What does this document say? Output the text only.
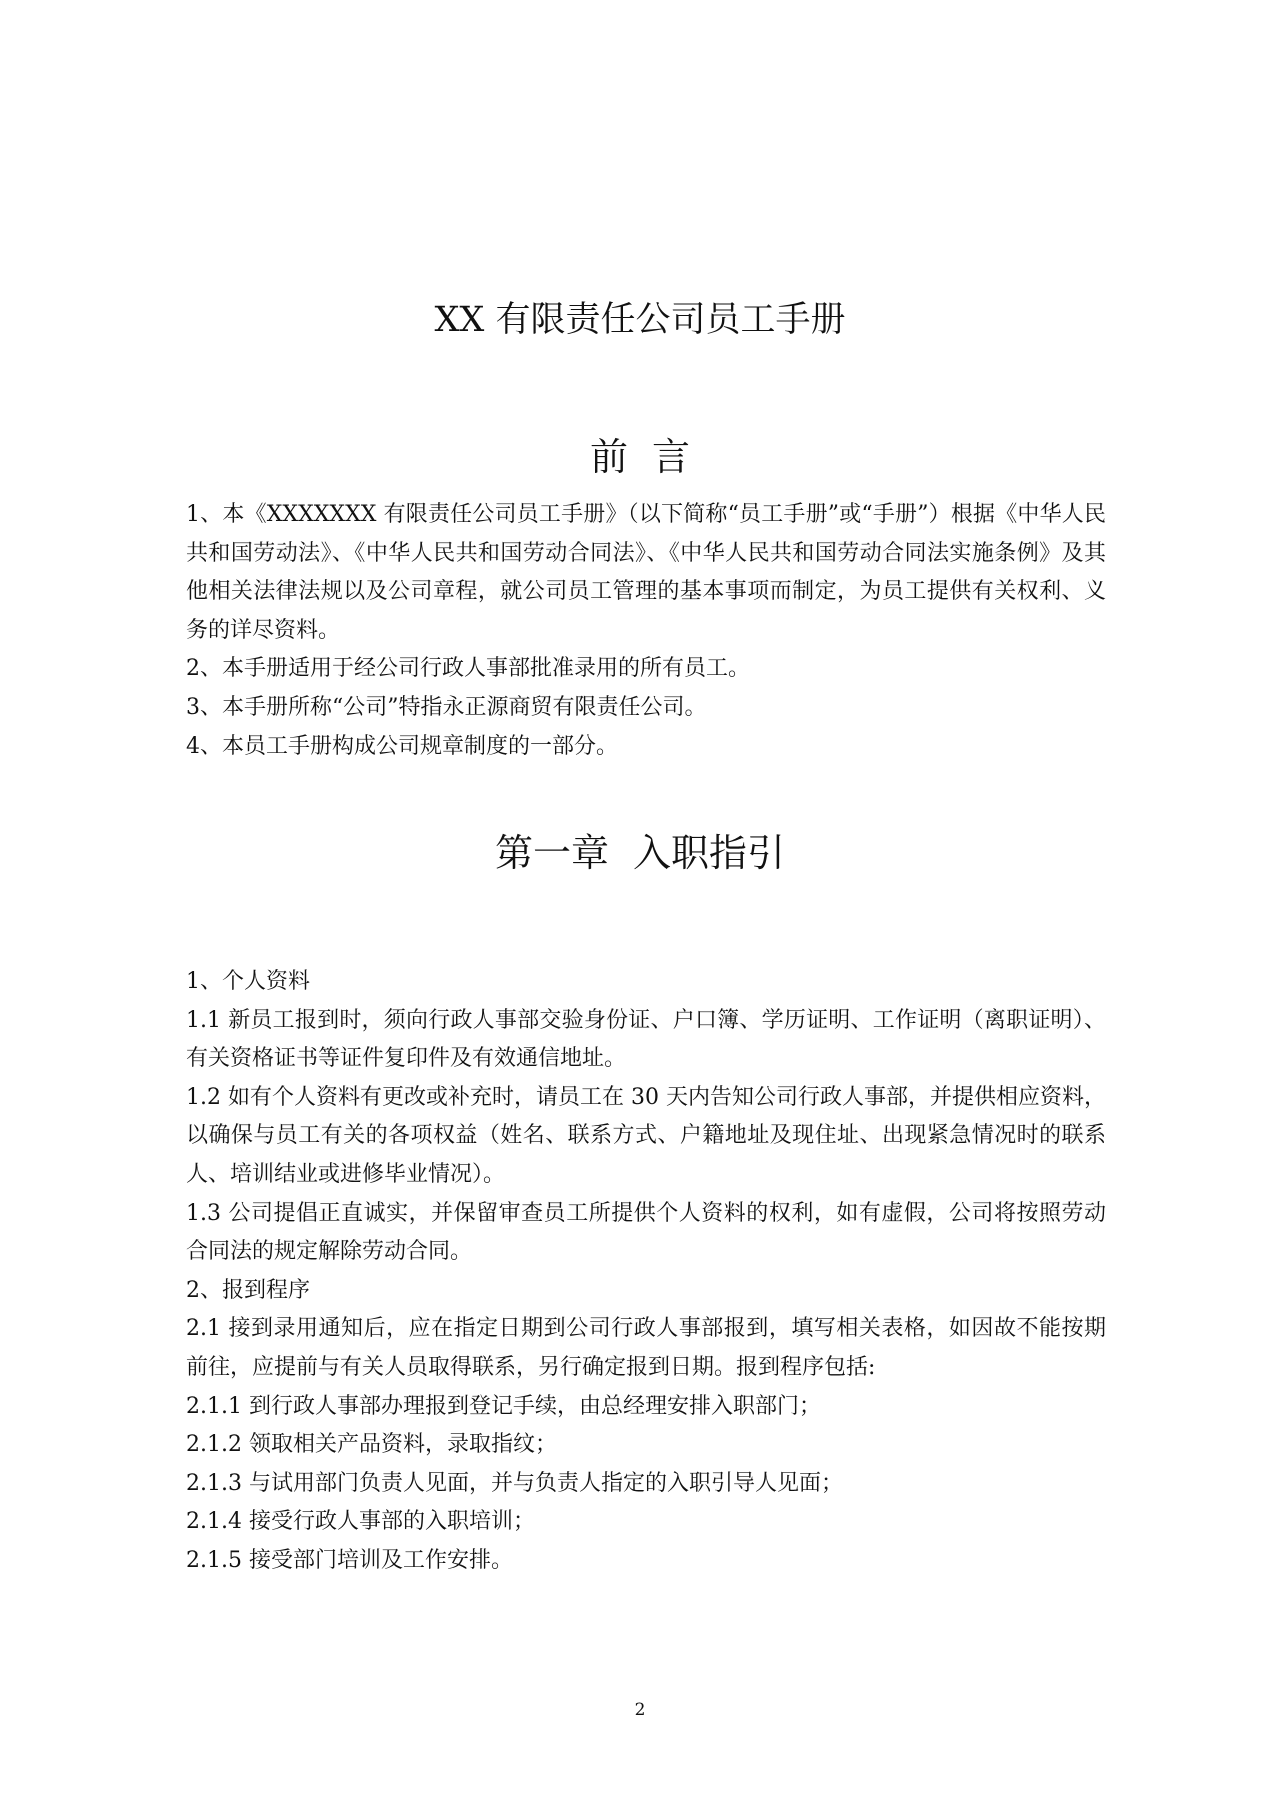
XX 有限责任公司员工手册
前言

1、本《XXXXXXX 有限责任公司员工手册》（以下简称“员工手册”或“手册”）根据《中华人民共和国劳动法》、《中华人民共和国劳动合同法》、《中华人民共和国劳动合同法实施条例》及其他相关法律法规以及公司章程，就公司员工管理的基本事项而制定，为员工提供有关权利、义务的详尽资料。

2、本手册适用于经公司行政人事部批准录用的所有员工。

3、本手册所称“公司”特指永正源商贸有限责任公司。

4、本员工手册构成公司规章制度的一部分。

第一章 入职指引

1、个人资料

1.1 新员工报到时，须向行政人事部交验身份证、户口簿、学历证明、工作证明（离职证明）、有关资格证书等证件复印件及有效通信地址。

1.2 如有个人资料有更改或补充时，请员工在 30 天内告知公司行政人事部，并提供相应资料，以确保与员工有关的各项权益（姓名、联系方式、户籍地址及现住址、出现紧急情况时的联系人、培训结业或进修毕业情况）。

1.3 公司提倡正直诚实，并保留审查员工所提供个人资料的权利，如有虚假，公司将按照劳动合同法的规定解除劳动合同。

2、报到程序

2.1 接到录用通知后，应在指定日期到公司行政人事部报到，填写相关表格，如因故不能按期前往，应提前与有关人员取得联系，另行确定报到日期。报到程序包括:

2.1.1 到行政人事部办理报到登记手续，由总经理安排入职部门；

2.1.2 领取相关产品资料，录取指纹；

2.1.3 与试用部门负责人见面，并与负责人指定的入职引导人见面；

2.1.4 接受行政人事部的入职培训；

2.1.5 接受部门培训及工作安排。

2
